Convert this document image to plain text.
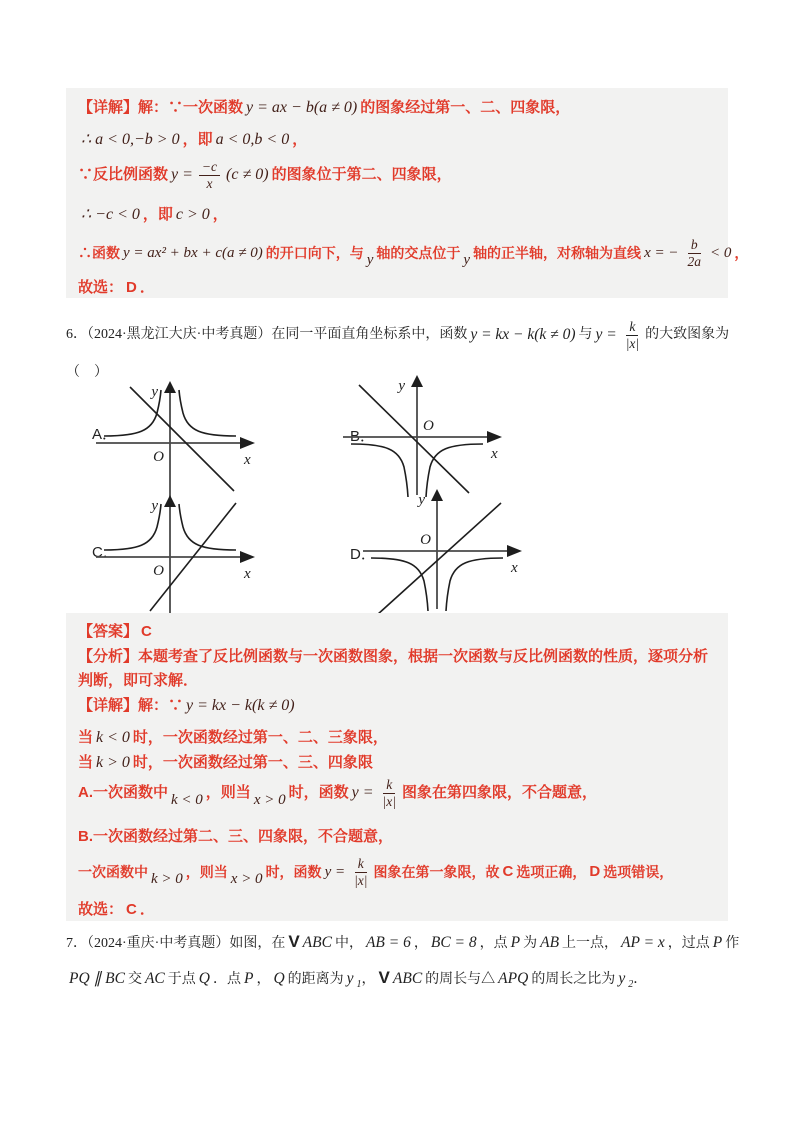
【详解】解：∵一次函数 y = ax − b(a ≠ 0) 的图象经过第一、二、四象限，
∴ a < 0,−b > 0 ，即 a < 0,b < 0 ，
∵反比例函数 $y = \frac{-c}{x} (c \ne 0)$ 的图象位于第二、四象限，
∴ −c < 0 ，即 c > 0 ，
∴函数 y = ax² + bx + c(a ≠ 0) 的开口向下，与 y 轴的交点位于 y 轴的正半轴，对称轴为直线 x = − $\frac{b}{2a} < 0$ ，
故选： D ．
6．（2024·黑龙江大庆·中考真题）在同一平面直角坐标系中，函数 y = kx − k(k ≠ 0) 与 $y = \frac{k}{|x|}$ 的大致图象为
（　）
A．	B．
C．	D．
y
x
O
y
x
O
y
x
O
y
x
O
【答案】 C
【分析】本题考查了反比例函数与一次函数图象，根据一次函数与反比例函数的性质，逐项分析判断，即可求解．
【详解】解：∵ y = kx − k(k ≠ 0)
当 k < 0 时，一次函数经过第一、二、三象限，
当 k > 0 时，一次函数经过第一、三、四象限
A.一次函数中 k < 0 ，则当 x > 0 时，函数 $y = \frac{k}{|x|}$ 图象在第四象限，不合题意，
B.一次函数经过第二、三、四象限，不合题意，
一次函数中 k > 0 ，则当 x > 0 时，函数 $y = \frac{k}{|x|}$ 图象在第一象限，故 C 选项正确， D 选项错误，
故选： C ．
7．（2024·重庆·中考真题）如图，在 V ABC 中， AB = 6 ， BC = 8 ，点 P 为 AB 上一点， AP = x ，过点 P 作
PQ ∥ BC 交 AC 于点 Q ．点 P ， Q 的距离为 y $_1$， V ABC 的周长与△ APQ 的周长之比为 y $_2$．
